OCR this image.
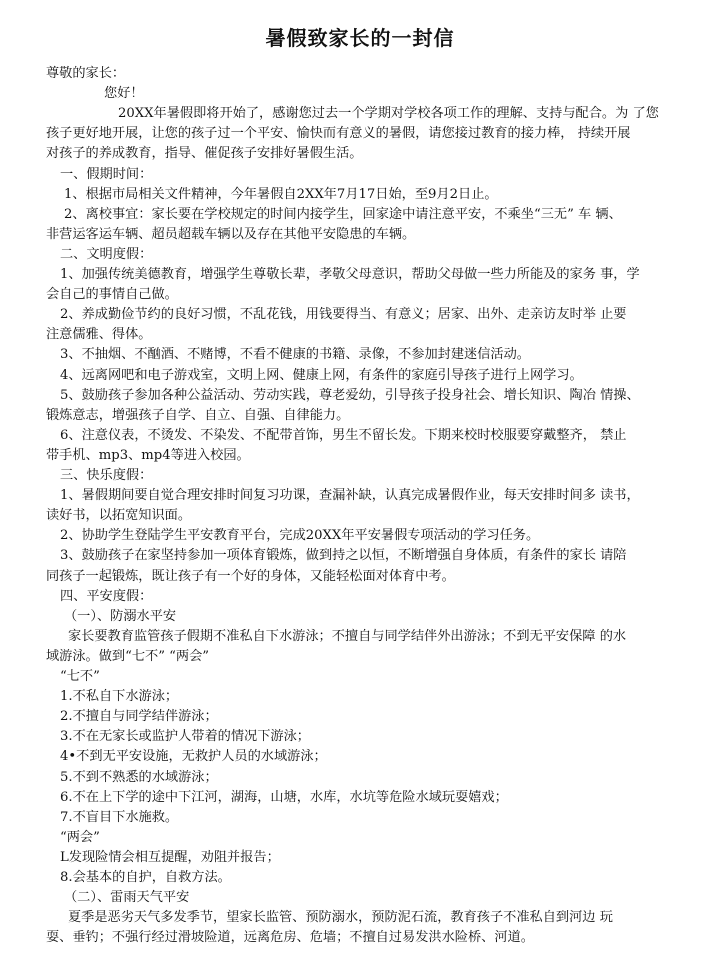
暑假致家长的一封信
尊敬的家长：
您好！
20XX年暑假即将开始了，感谢您过去一个学期对学校各项工作的理解、支持与配合。为 了您
孩子更好地开展，让您的孩子过一个平安、愉快而有意义的暑假，请您接过教育的接力棒， 持续开展
对孩子的养成教育，指导、催促孩子安排好暑假生活。
一、假期时间：
1、根据市局相关文件精神，今年暑假自2XX年7月17日始，至9月2日止。
2、离校事宜：家长要在学校规定的时间内接学生，回家途中请注意平安，不乘坐“三无” 车 辆、
非营运客运车辆、超员超载车辆以及存在其他平安隐患的车辆。
二、文明度假：
1、加强传统美德教育，增强学生尊敬长辈，孝敬父母意识，帮助父母做一些力所能及的家务 事，学
会自己的事情自己做。
2、养成勤俭节约的良好习惯，不乱花钱，用钱要得当、有意义；居家、出外、走亲访友时举 止要
注意儒雅、得体。
3、不抽烟、不酗酒、不赌博，不看不健康的书籍、录像，不参加封建迷信活动。
4、远离网吧和电子游戏室，文明上网、健康上网，有条件的家庭引导孩子进行上网学习。
5、鼓励孩子参加各种公益活动、劳动实践，尊老爱幼，引导孩子投身社会、增长知识、陶冶 情操、
锻炼意志，增强孩子自学、自立、自强、自律能力。
6、注意仪表，不烫发、不染发、不配带首饰，男生不留长发。下期来校时校服要穿戴整齐， 禁止
带手机、mp3、mp4等进入校园。
三、快乐度假：
1、暑假期间要自觉合理安排时间复习功课，查漏补缺，认真完成暑假作业，每天安排时间多 读书，
读好书，以拓宽知识面。
2、协助学生登陆学生平安教育平台，完成20XX年平安暑假专项活动的学习任务。
3、鼓励孩子在家坚持参加一项体育锻炼，做到持之以恒，不断增强自身体质，有条件的家长 请陪
同孩子一起锻炼，既让孩子有一个好的身体，又能轻松面对体育中考。
四、平安度假：
（一）、防溺水平安
家长要教育监管孩子假期不准私自下水游泳；不擅自与同学结伴外出游泳；不到无平安保障 的水
域游泳。做到“七不” “两会”
“七不”
1.不私自下水游泳；
2.不擅自与同学结伴游泳；
3.不在无家长或监护人带着的情况下游泳；
4•不到无平安设施，无救护人员的水域游泳；
5.不到不熟悉的水域游泳；
6.不在上下学的途中下江河，湖海，山塘，水库，水坑等危险水域玩耍嬉戏；
7.不盲目下水施救。
“两会”
L发现险情会相互提醒，劝阻并报告；
8.会基本的自护，自救方法。
（二）、雷雨天气平安
夏季是恶劣天气多发季节，望家长监管、预防溺水，预防泥石流，教育孩子不准私自到河边 玩
耍、垂钓；不强行经过滑坡险道，远离危房、危墙；不擅自过易发洪水险桥、河道。
